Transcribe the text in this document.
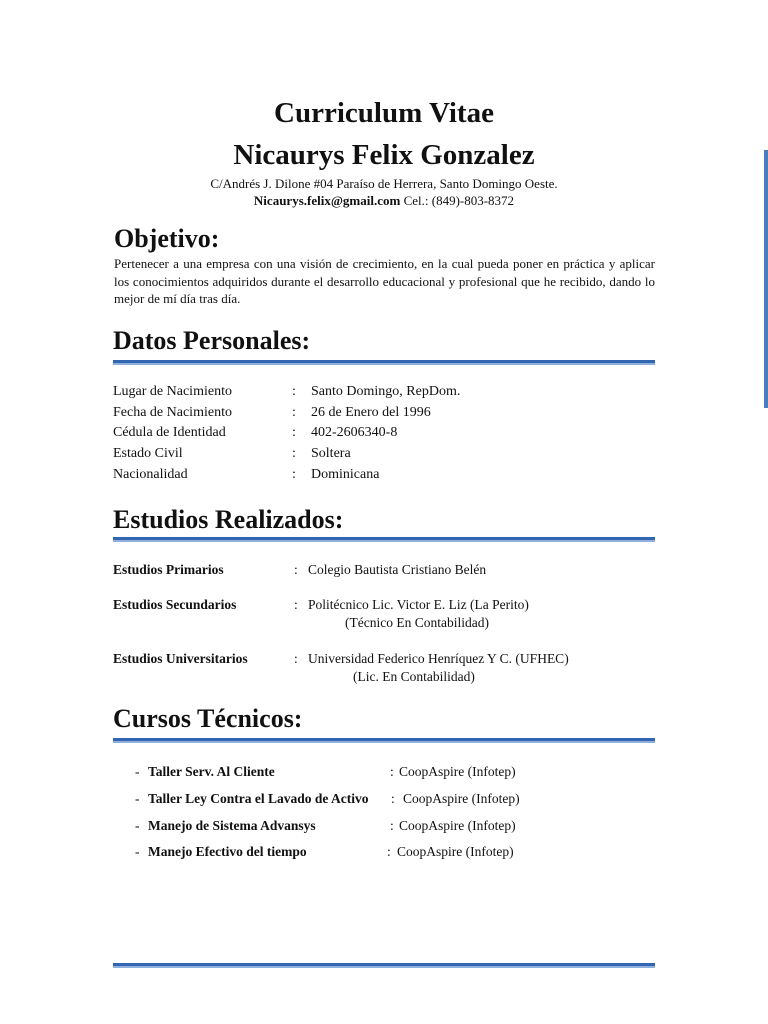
Curriculum Vitae
Nicaurys Felix Gonzalez
C/Andrés J. Dilone #04 Paraíso de Herrera, Santo Domingo Oeste.
Nicaurys.felix@gmail.com Cel.: (849)-803-8372
Objetivo:
Pertenecer a una empresa con una visión de crecimiento, en la cual pueda poner en práctica y aplicar los conocimientos adquiridos durante el desarrollo educacional y profesional que he recibido, dando lo mejor de mí día tras día.
Datos Personales:
Lugar de Nacimiento	: Santo Domingo, RepDom.
Fecha de Nacimiento	: 26 de Enero del 1996
Cédula de Identidad	: 402-2606340-8
Estado Civil	: Soltera
Nacionalidad	: Dominicana
Estudios Realizados:
Estudios Primarios	: Colegio Bautista Cristiano Belén
Estudios Secundarios	: Politécnico Lic. Victor E. Liz (La Perito)
(Técnico En Contabilidad)
Estudios Universitarios	: Universidad Federico Henríquez Y C. (UFHEC)
(Lic. En Contabilidad)
Cursos Técnicos:
- Taller Serv. Al Cliente	: CoopAspire (Infotep)
- Taller Ley Contra el Lavado de Activo : CoopAspire (Infotep)
- Manejo de Sistema Advansys	: CoopAspire (Infotep)
- Manejo Efectivo del tiempo	: CoopAspire (Infotep)
